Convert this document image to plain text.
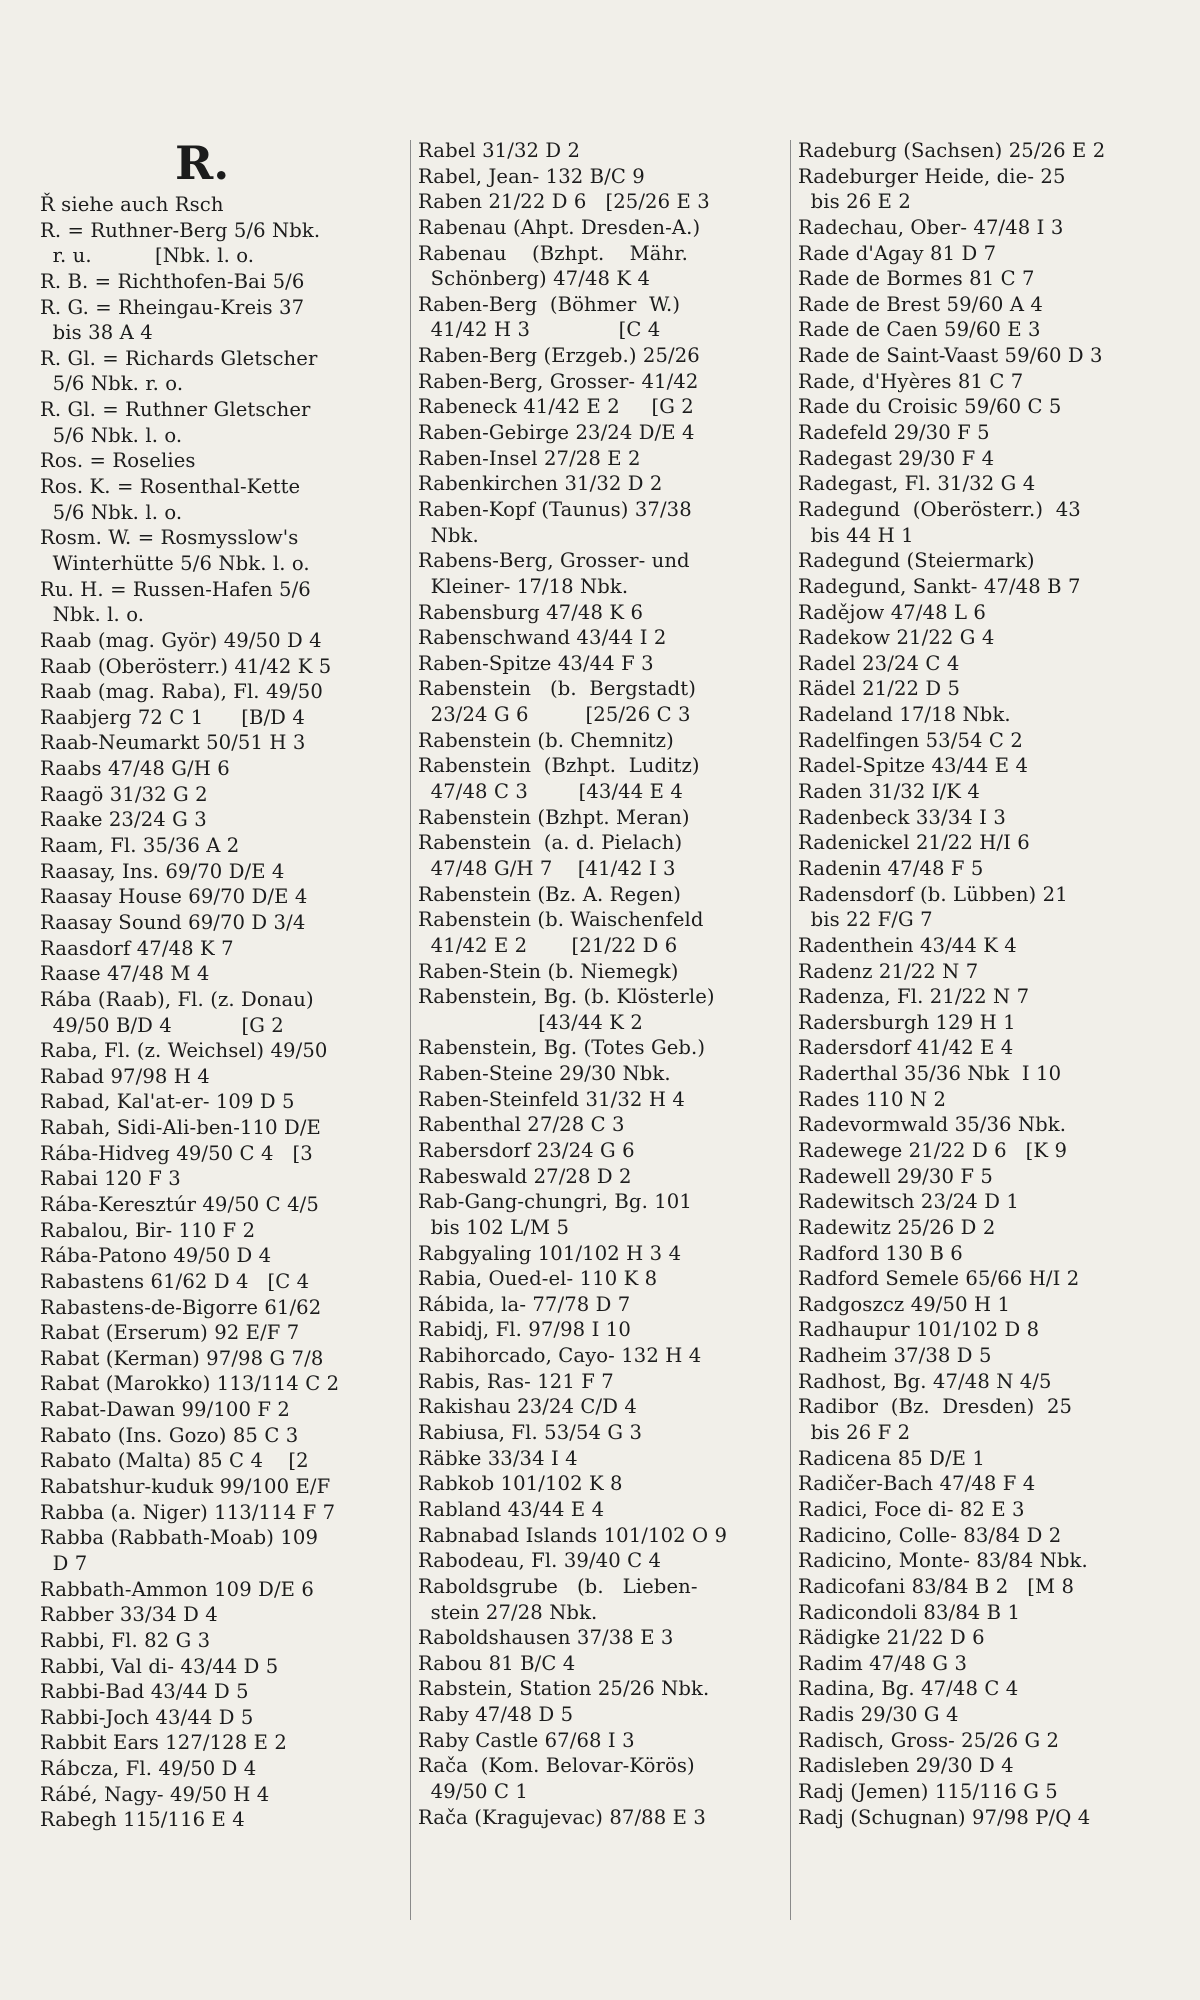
R.
Ř siehe auch Rsch
R. = Ruthner-Berg 5/6 Nbk.
r. u.          [Nbk. l. o.
R. B. = Richthofen-Bai 5/6
R. G. = Rheingau-Kreis 37
bis 38 A 4
R. Gl. = Richards Gletscher
5/6 Nbk. r. o.
R. Gl. = Ruthner Gletscher
5/6 Nbk. l. o.
Ros. = Roselies
Ros. K. = Rosenthal-Kette
5/6 Nbk. l. o.
Rosm. W. = Rosmysslow's
Winterhütte 5/6 Nbk. l. o.
Ru. H. = Russen-Hafen 5/6
Nbk. l. o.
Raab (mag. Györ) 49/50 D 4
Raab (Oberösterr.) 41/42 K 5
Raab (mag. Raba), Fl. 49/50
Raabjerg 72 C 1      [B/D 4
Raab-Neumarkt 50/51 H 3
Raabs 47/48 G/H 6
Raagö 31/32 G 2
Raake 23/24 G 3
Raam, Fl. 35/36 A 2
Raasay, Ins. 69/70 D/E 4
Raasay House 69/70 D/E 4
Raasay Sound 69/70 D 3/4
Raasdorf 47/48 K 7
Raase 47/48 M 4
Rába (Raab), Fl. (z. Donau)
49/50 B/D 4           [G 2
Raba, Fl. (z. Weichsel) 49/50
Rabad 97/98 H 4
Rabad, Kal'at-er- 109 D 5
Rabah, Sidi-Ali-ben-110 D/E
Rába-Hidveg 49/50 C 4   [3
Rabai 120 F 3
Rába-Keresztúr 49/50 C 4/5
Rabalou, Bir- 110 F 2
Rába-Patono 49/50 D 4
Rabastens 61/62 D 4   [C 4
Rabastens-de-Bigorre 61/62
Rabat (Erserum) 92 E/F 7
Rabat (Kerman) 97/98 G 7/8
Rabat (Marokko) 113/114 C 2
Rabat-Dawan 99/100 F 2
Rabato (Ins. Gozo) 85 C 3
Rabato (Malta) 85 C 4    [2
Rabatshur-kuduk 99/100 E/F
Rabba (a. Niger) 113/114 F 7
Rabba (Rabbath-Moab) 109
D 7
Rabbath-Ammon 109 D/E 6
Rabber 33/34 D 4
Rabbi, Fl. 82 G 3
Rabbi, Val di- 43/44 D 5
Rabbi-Bad 43/44 D 5
Rabbi-Joch 43/44 D 5
Rabbit Ears 127/128 E 2
Rábcza, Fl. 49/50 D 4
Rábé, Nagy- 49/50 H 4
Rabegh 115/116 E 4
Rabel 31/32 D 2
Rabel, Jean- 132 B/C 9
Raben 21/22 D 6   [25/26 E 3
Rabenau (Ahpt. Dresden-A.)
Rabenau    (Bzhpt.    Mähr.
Schönberg) 47/48 K 4
Raben-Berg  (Böhmer  W.)
41/42 H 3              [C 4
Raben-Berg (Erzgeb.) 25/26
Raben-Berg, Grosser- 41/42
Rabeneck 41/42 E 2     [G 2
Raben-Gebirge 23/24 D/E 4
Raben-Insel 27/28 E 2
Rabenkirchen 31/32 D 2
Raben-Kopf (Taunus) 37/38
Nbk.
Rabens-Berg, Grosser- und
Kleiner- 17/18 Nbk.
Rabensburg 47/48 K 6
Rabenschwand 43/44 I 2
Raben-Spitze 43/44 F 3
Rabenstein   (b.  Bergstadt)
23/24 G 6         [25/26 C 3
Rabenstein (b. Chemnitz)
Rabenstein  (Bzhpt.  Luditz)
47/48 C 3        [43/44 E 4
Rabenstein (Bzhpt. Meran)
Rabenstein  (a. d. Pielach)
47/48 G/H 7    [41/42 I 3
Rabenstein (Bz. A. Regen)
Rabenstein (b. Waischenfeld
41/42 E 2       [21/22 D 6
Raben-Stein (b. Niemegk)
Rabenstein, Bg. (b. Klösterle)
[43/44 K 2
Rabenstein, Bg. (Totes Geb.)
Raben-Steine 29/30 Nbk.
Raben-Steinfeld 31/32 H 4
Rabenthal 27/28 C 3
Rabersdorf 23/24 G 6
Rabeswald 27/28 D 2
Rab-Gang-chungri, Bg. 101
bis 102 L/M 5
Rabgyaling 101/102 H 3 4
Rabia, Oued-el- 110 K 8
Rábida, la- 77/78 D 7
Rabidj, Fl. 97/98 I 10
Rabihorcado, Cayo- 132 H 4
Rabis, Ras- 121 F 7
Rakishau 23/24 C/D 4
Rabiusa, Fl. 53/54 G 3
Räbke 33/34 I 4
Rabkob 101/102 K 8
Rabland 43/44 E 4
Rabnabad Islands 101/102 O 9
Rabodeau, Fl. 39/40 C 4
Raboldsgrube   (b.   Lieben-
stein 27/28 Nbk.
Raboldshausen 37/38 E 3
Rabou 81 B/C 4
Rabstein, Station 25/26 Nbk.
Raby 47/48 D 5
Raby Castle 67/68 I 3
Rača  (Kom. Belovar-Körös)
49/50 C 1
Rača (Kragujevac) 87/88 E 3
Radeburg (Sachsen) 25/26 E 2
Radeburger Heide, die- 25
bis 26 E 2
Radechau, Ober- 47/48 I 3
Rade d'Agay 81 D 7
Rade de Bormes 81 C 7
Rade de Brest 59/60 A 4
Rade de Caen 59/60 E 3
Rade de Saint-Vaast 59/60 D 3
Rade, d'Hyères 81 C 7
Rade du Croisic 59/60 C 5
Radefeld 29/30 F 5
Radegast 29/30 F 4
Radegast, Fl. 31/32 G 4
Radegund  (Oberösterr.)  43
bis 44 H 1
Radegund (Steiermark)
Radegund, Sankt- 47/48 B 7
Radějow 47/48 L 6
Radekow 21/22 G 4
Radel 23/24 C 4
Rädel 21/22 D 5
Radeland 17/18 Nbk.
Radelfingen 53/54 C 2
Radel-Spitze 43/44 E 4
Raden 31/32 I/K 4
Radenbeck 33/34 I 3
Radenickel 21/22 H/I 6
Radenin 47/48 F 5
Radensdorf (b. Lübben) 21
bis 22 F/G 7
Radenthein 43/44 K 4
Radenz 21/22 N 7
Radenza, Fl. 21/22 N 7
Radersburgh 129 H 1
Radersdorf 41/42 E 4
Raderthal 35/36 Nbk  I 10
Rades 110 N 2
Radevormwald 35/36 Nbk.
Radewege 21/22 D 6   [K 9
Radewell 29/30 F 5
Radewitsch 23/24 D 1
Radewitz 25/26 D 2
Radford 130 B 6
Radford Semele 65/66 H/I 2
Radgoszcz 49/50 H 1
Radhaupur 101/102 D 8
Radheim 37/38 D 5
Radhost, Bg. 47/48 N 4/5
Radibor  (Bz.  Dresden)  25
bis 26 F 2
Radicena 85 D/E 1
Radičer-Bach 47/48 F 4
Radici, Foce di- 82 E 3
Radicino, Colle- 83/84 D 2
Radicino, Monte- 83/84 Nbk.
Radicofani 83/84 B 2   [M 8
Radicondoli 83/84 B 1
Rädigke 21/22 D 6
Radim 47/48 G 3
Radina, Bg. 47/48 C 4
Radis 29/30 G 4
Radisch, Gross- 25/26 G 2
Radisleben 29/30 D 4
Radj (Jemen) 115/116 G 5
Radj (Schugnan) 97/98 P/Q 4
